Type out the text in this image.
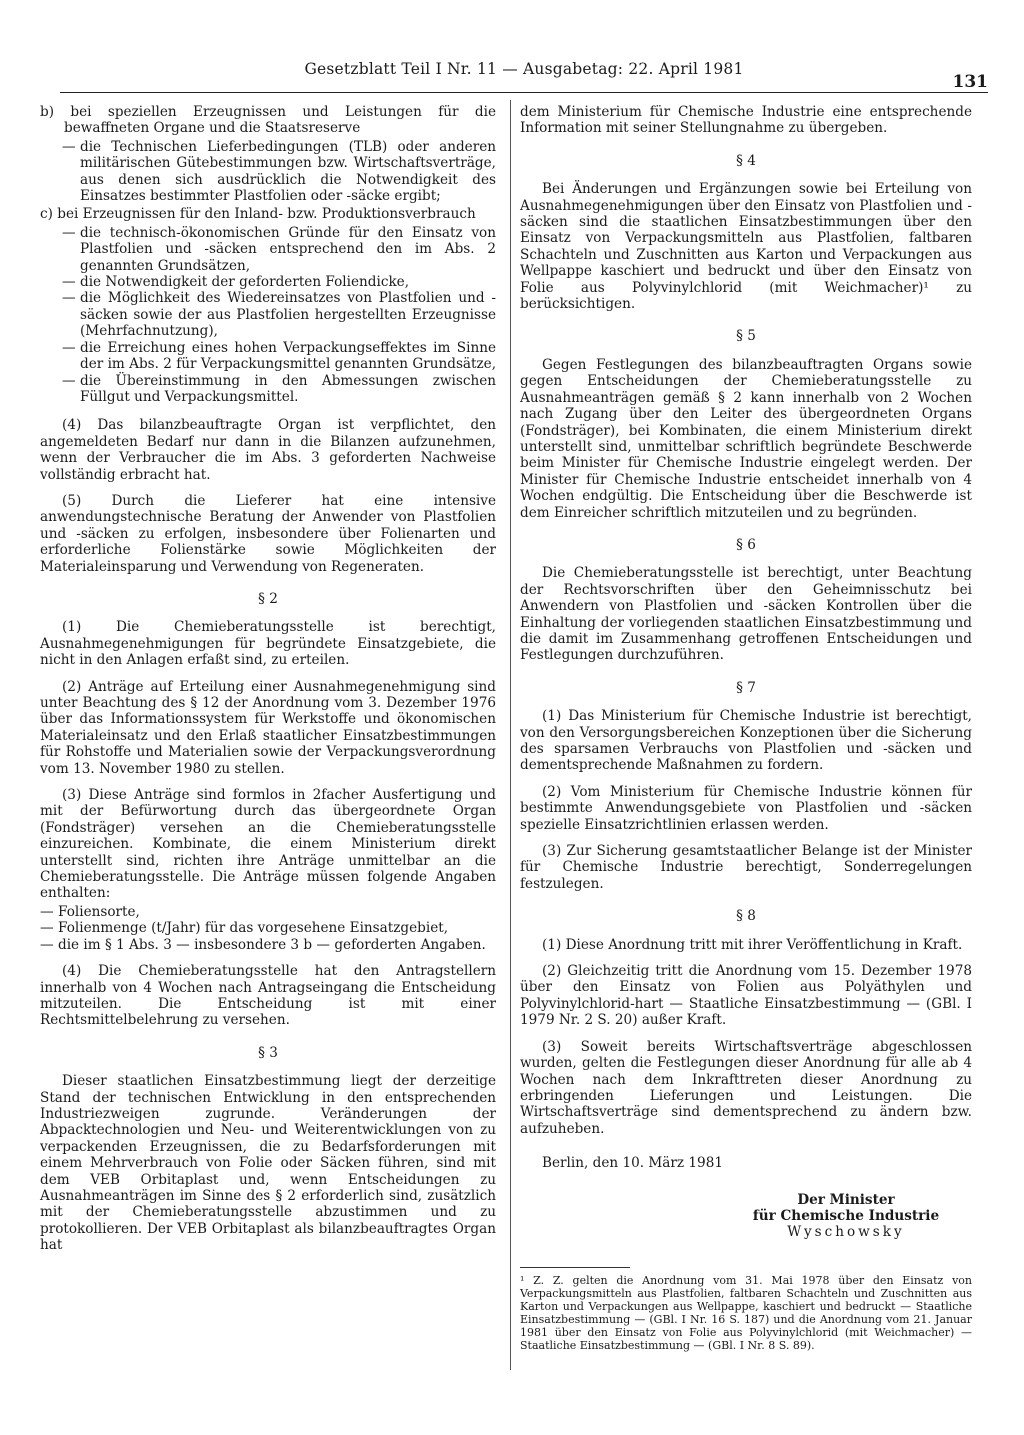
Gesetzblatt Teil I Nr. 11 — Ausgabetag: 22. April 1981
131

b) bei speziellen Erzeugnissen und Leistungen für die bewaffneten Organe und die Staatsreserve

— die Technischen Lieferbedingungen (TLB) oder anderen militärischen Gütebestimmungen bzw. Wirtschaftsverträge, aus denen sich ausdrücklich die Notwendigkeit des Einsatzes bestimmter Plastfolien oder -säcke ergibt;

c) bei Erzeugnissen für den Inland- bzw. Produktionsverbrauch

— die technisch-ökonomischen Gründe für den Einsatz von Plastfolien und -säcken entsprechend den im Abs. 2 genannten Grundsätzen,
— die Notwendigkeit der geforderten Foliendicke,
— die Möglichkeit des Wiedereinsatzes von Plastfolien und -säcken sowie der aus Plastfolien hergestellten Erzeugnisse (Mehrfachnutzung),
— die Erreichung eines hohen Verpackungseffektes im Sinne der im Abs. 2 für Verpackungsmittel genannten Grundsätze,
— die Übereinstimmung in den Abmessungen zwischen Füllgut und Verpackungsmittel.

(4) Das bilanzbeauftragte Organ ist verpflichtet, den angemeldeten Bedarf nur dann in die Bilanzen aufzunehmen, wenn der Verbraucher die im Abs. 3 geforderten Nachweise vollständig erbracht hat.

(5) Durch die Lieferer hat eine intensive anwendungstechnische Beratung der Anwender von Plastfolien und -säcken zu erfolgen, insbesondere über Folienarten und erforderliche Folienstärke sowie Möglichkeiten der Materialeinsparung und Verwendung von Regeneraten.

§ 2

(1) Die Chemieberatungsstelle ist berechtigt, Ausnahmegenehmigungen für begründete Einsatzgebiete, die nicht in den Anlagen erfaßt sind, zu erteilen.

(2) Anträge auf Erteilung einer Ausnahmegenehmigung sind unter Beachtung des § 12 der Anordnung vom 3. Dezember 1976 über das Informationssystem für Werkstoffe und ökonomischen Materialeinsatz und den Erlaß staatlicher Einsatzbestimmungen für Rohstoffe und Materialien sowie der Verpackungsverordnung vom 13. November 1980 zu stellen.

(3) Diese Anträge sind formlos in 2facher Ausfertigung und mit der Befürwortung durch das übergeordnete Organ (Fondsträger) versehen an die Chemieberatungsstelle einzureichen. Kombinate, die einem Ministerium direkt unterstellt sind, richten ihre Anträge unmittelbar an die Chemieberatungsstelle. Die Anträge müssen folgende Angaben enthalten:

— Foliensorte,
— Folienmenge (t/Jahr) für das vorgesehene Einsatzgebiet,
— die im § 1 Abs. 3 — insbesondere 3 b — geforderten Angaben.

(4) Die Chemieberatungsstelle hat den Antragstellern innerhalb von 4 Wochen nach Antragseingang die Entscheidung mitzuteilen. Die Entscheidung ist mit einer Rechtsmittelbelehrung zu versehen.

§ 3

Dieser staatlichen Einsatzbestimmung liegt der derzeitige Stand der technischen Entwicklung in den entsprechenden Industriezweigen zugrunde. Veränderungen der Abpacktechnologien und Neu- und Weiterentwicklungen von zu verpackenden Erzeugnissen, die zu Bedarfsforderungen mit einem Mehrverbrauch von Folie oder Säcken führen, sind mit dem VEB Orbitaplast und, wenn Entscheidungen zu Ausnahmeanträgen im Sinne des § 2 erforderlich sind, zusätzlich mit der Chemieberatungsstelle abzustimmen und zu protokollieren. Der VEB Orbitaplast als bilanzbeauftragtes Organ hat

dem Ministerium für Chemische Industrie eine entsprechende Information mit seiner Stellungnahme zu übergeben.

§ 4

Bei Änderungen und Ergänzungen sowie bei Erteilung von Ausnahmegenehmigungen über den Einsatz von Plastfolien und -säcken sind die staatlichen Einsatzbestimmungen über den Einsatz von Verpackungsmitteln aus Plastfolien, faltbaren Schachteln und Zuschnitten aus Karton und Verpackungen aus Wellpappe kaschiert und bedruckt und über den Einsatz von Folie aus Polyvinylchlorid (mit Weichmacher)¹ zu berücksichtigen.

§ 5

Gegen Festlegungen des bilanzbeauftragten Organs sowie gegen Entscheidungen der Chemieberatungsstelle zu Ausnahmeanträgen gemäß § 2 kann innerhalb von 2 Wochen nach Zugang über den Leiter des übergeordneten Organs (Fondsträger), bei Kombinaten, die einem Ministerium direkt unterstellt sind, unmittelbar schriftlich begründete Beschwerde beim Minister für Chemische Industrie eingelegt werden. Der Minister für Chemische Industrie entscheidet innerhalb von 4 Wochen endgültig. Die Entscheidung über die Beschwerde ist dem Einreicher schriftlich mitzuteilen und zu begründen.

§ 6

Die Chemieberatungsstelle ist berechtigt, unter Beachtung der Rechtsvorschriften über den Geheimnisschutz bei Anwendern von Plastfolien und -säcken Kontrollen über die Einhaltung der vorliegenden staatlichen Einsatzbestimmung und die damit im Zusammenhang getroffenen Entscheidungen und Festlegungen durchzuführen.

§ 7

(1) Das Ministerium für Chemische Industrie ist berechtigt, von den Versorgungsbereichen Konzeptionen über die Sicherung des sparsamen Verbrauchs von Plastfolien und -säcken und dementsprechende Maßnahmen zu fordern.

(2) Vom Ministerium für Chemische Industrie können für bestimmte Anwendungsgebiete von Plastfolien und -säcken spezielle Einsatzrichtlinien erlassen werden.

(3) Zur Sicherung gesamtstaatlicher Belange ist der Minister für Chemische Industrie berechtigt, Sonderregelungen festzulegen.

§ 8

(1) Diese Anordnung tritt mit ihrer Veröffentlichung in Kraft.

(2) Gleichzeitig tritt die Anordnung vom 15. Dezember 1978 über den Einsatz von Folien aus Polyäthylen und Polyvinylchlorid-hart — Staatliche Einsatzbestimmung — (GBl. I 1979 Nr. 2 S. 20) außer Kraft.

(3) Soweit bereits Wirtschaftsverträge abgeschlossen wurden, gelten die Festlegungen dieser Anordnung für alle ab 4 Wochen nach dem Inkrafttreten dieser Anordnung zu erbringenden Lieferungen und Leistungen. Die Wirtschaftsverträge sind dementsprechend zu ändern bzw. aufzuheben.

Berlin, den 10. März 1981

Der Minister

für Chemische Industrie

Wyschowsky

¹ Z. Z. gelten die Anordnung vom 31. Mai 1978 über den Einsatz von Verpackungsmitteln aus Plastfolien, faltbaren Schachteln und Zuschnitten aus Karton und Verpackungen aus Wellpappe, kaschiert und bedruckt — Staatliche Einsatzbestimmung — (GBl. I Nr. 16 S. 187) und die Anordnung vom 21. Januar 1981 über den Einsatz von Folie aus Polyvinylchlorid (mit Weichmacher) — Staatliche Einsatzbestimmung — (GBl. I Nr. 8 S. 89).
